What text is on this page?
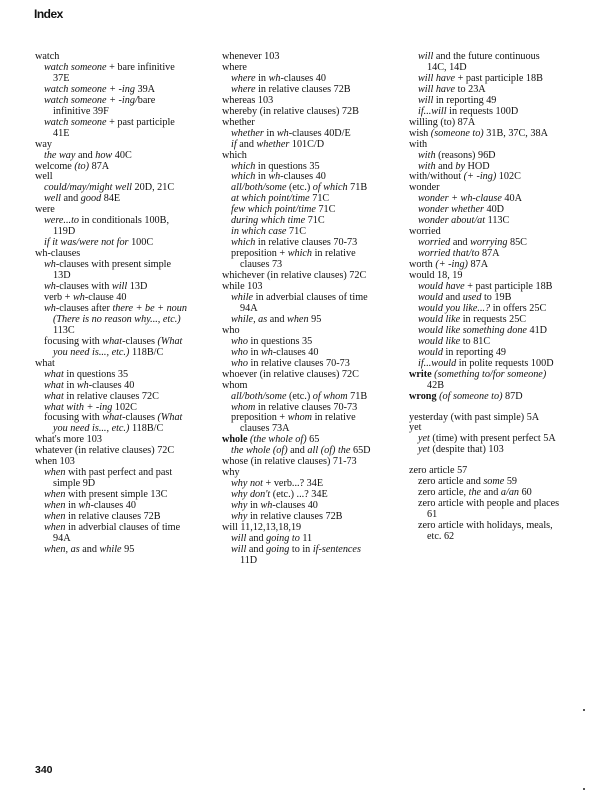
Index
watch
watch someone + bare infinitive
37E
watch someone + -ing 39A
watch someone + -ing/bare
infinitive 39F
watch someone + past participle
41E
way
the way and how 40C
welcome (to) 87A
well
could/may/might well 20D, 21C
well and good 84E
were
were...to in conditionals 100B,
119D
if it was/were not for 100C
wh-clauses
wh-clauses with present simple
13D
wh-clauses with will 13D
verb + wh-clause 40
wh-clauses after there + be + noun
(There is no reason why..., etc.)
113C
focusing with what-clauses (What
you need is..., etc.) 118B/C
what
what in questions 35
what in wh-clauses 40
what in relative clauses 72C
what with + -ing 102C
focusing with what-clauses (What
you need is..., etc.) 118B/C
what's more 103
whatever (in relative clauses) 72C
when 103
when with past perfect and past
simple 9D
when with present simple 13C
when in wh-clauses 40
when in relative clauses 72B
when in adverbial clauses of time
94A
when, as and while 95
whenever 103
where
where in wh-clauses 40
where in relative clauses 72B
whereas 103
whereby (in relative clauses) 72B
whether
whether in wh-clauses 40D/E
if and whether 101C/D
which
which in questions 35
which in wh-clauses 40
all/both/some (etc.) of which 71B
at which point/time 71C
few which point/time 71C
during which time 71C
in which case 71C
which in relative clauses 70-73
preposition + which in relative
clauses 73
whichever (in relative clauses) 72C
while 103
while in adverbial clauses of time
94A
while, as and when 95
who
who in questions 35
who in wh-clauses 40
who in relative clauses 70-73
whoever (in relative clauses) 72C
whom
all/both/some (etc.) of whom 71B
whom in relative clauses 70-73
preposition + whom in relative
clauses 73A
whole (the whole of) 65
the whole (of) and all (of) the 65D
whose (in relative clauses) 71-73
why
why not + verb...? 34E
why don't (etc.) ...? 34E
why in wh-clauses 40
why in relative clauses 72B
will 11,12,13,18,19
will and going to 11
will and going to in if-sentences
11D
will and the future continuous
14C, 14D
will have + past participle 18B
will have to 23A
will in reporting 49
if...will in requests 100D
willing (to) 87A
wish (someone to) 31B, 37C, 38A
with
with (reasons) 96D
with and by HOD
with/without (+ -ing) 102C
wonder
wonder + wh-clause 40A
wonder whether 40D
wonder about/at 113C
worried
worried and worrying 85C
worried that/to 87A
worth (+ -ing) 87A
would 18, 19
would have + past participle 18B
would and used to 19B
would you like...? in offers 25C
would like in requests 25C
would like something done 41D
would like to 81C
would in reporting 49
if...would in polite requests 100D
write (something to/for someone)
42B
wrong (of someone to) 87D
yesterday (with past simple) 5A
yet
yet (time) with present perfect 5A
yet (despite that) 103
zero article 57
zero article and some 59
zero article, the and a/an 60
zero article with people and places
61
zero article with holidays, meals,
etc. 62
340
